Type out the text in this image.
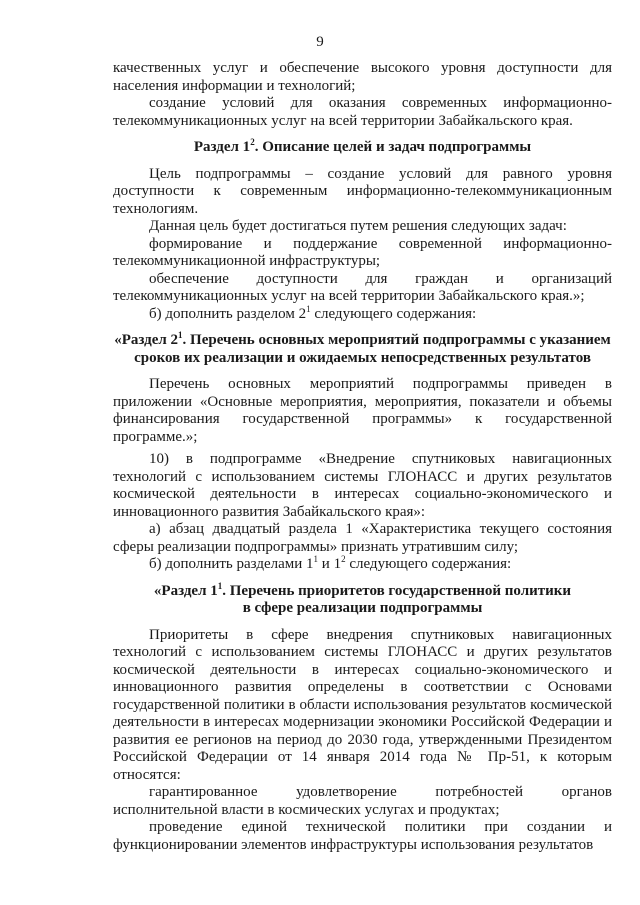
9

качественных услуг и обеспечение высокого уровня доступности для населения информации и технологий;

создание условий для оказания современных информационно-телекоммуникационных услуг на всей территории Забайкальского края.

Раздел $1^2$. Описание целей и задач подпрограммы

Цель подпрограммы – создание условий для равного уровня доступности к современным информационно-телекоммуникационным технологиям.

Данная цель будет достигаться путем решения следующих задач:

формирование и поддержание современной информационно-телекоммуникационной инфраструктуры;

обеспечение доступности для граждан и организаций телекоммуникационных услуг на всей территории Забайкальского края.»;

б) дополнить разделом $2^1$ следующего содержания:

«Раздел $2^1$. Перечень основных мероприятий подпрограммы с указанием
сроков их реализации и ожидаемых непосредственных результатов

Перечень основных мероприятий подпрограммы приведен в приложении «Основные мероприятия, мероприятия, показатели и объемы финансирования государственной программы» к государственной программе.»;

10) в подпрограмме «Внедрение спутниковых навигационных технологий с использованием системы ГЛОНАСС и других результатов космической деятельности в интересах социально-экономического и инновационного развития Забайкальского края»:

а) абзац двадцатый раздела 1 «Характеристика текущего состояния сферы реализации подпрограммы» признать утратившим силу;

б) дополнить разделами $1^1$ и $1^2$ следующего содержания:

«Раздел $1^1$. Перечень приоритетов государственной политики
в сфере реализации подпрограммы

Приоритеты в сфере внедрения спутниковых навигационных технологий с использованием системы ГЛОНАСС и других результатов космической деятельности в интересах социально-экономического и инновационного развития определены в соответствии с Основами государственной политики в области использования результатов космической деятельности в интересах модернизации экономики Российской Федерации и развития ее регионов на период до 2030 года, утвержденными Президентом Российской Федерации от 14 января 2014 года № Пр-51, к которым относятся:

гарантированное удовлетворение потребностей органов исполнительной власти в космических услугах и продуктах;

проведение единой технической политики при создании и функционировании элементов инфраструктуры использования результатов
